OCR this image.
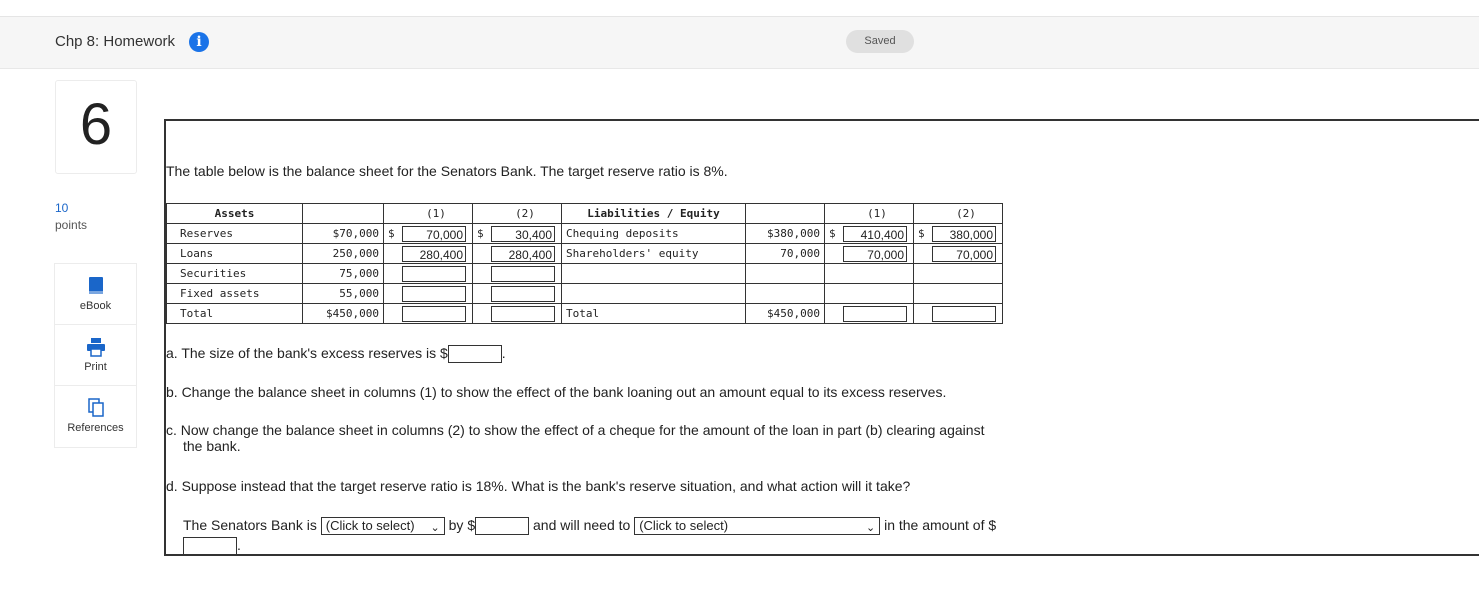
Chp 8: Homework	i	Saved
6
10
points
eBook
Print
References
The table below is the balance sheet for the Senators Bank. The target reserve ratio is 8%.
Assets			(1)		(2)	Liabilities / Equity			(1)		(2)
Reserves	$70,000	$	70,000	$	30,400	Chequing deposits	$380,000	$	410,400	$	380,000

Loans	250,000		280,400		280,400	Shareholders' equity	70,000		70,000		70,000

Securities	75,000		

Fixed assets	55,000		

Total	$450,000					Total	$450,000		

a. The size of the bank's excess reserves is $	.
b. Change the balance sheet in columns (1) to show the effect of the bank loaning out an amount equal to its excess reserves.
c. Now change the balance sheet in columns (2) to show the effect of a cheque for the amount of the loan in part (b) clearing against
the bank.
d. Suppose instead that the target reserve ratio is 18%. What is the bank's reserve situation, and what action will it take?
The Senators Bank is (Click to select) ⌄ by $	and will need to (Click to select)	⌄ in the amount of $
.
